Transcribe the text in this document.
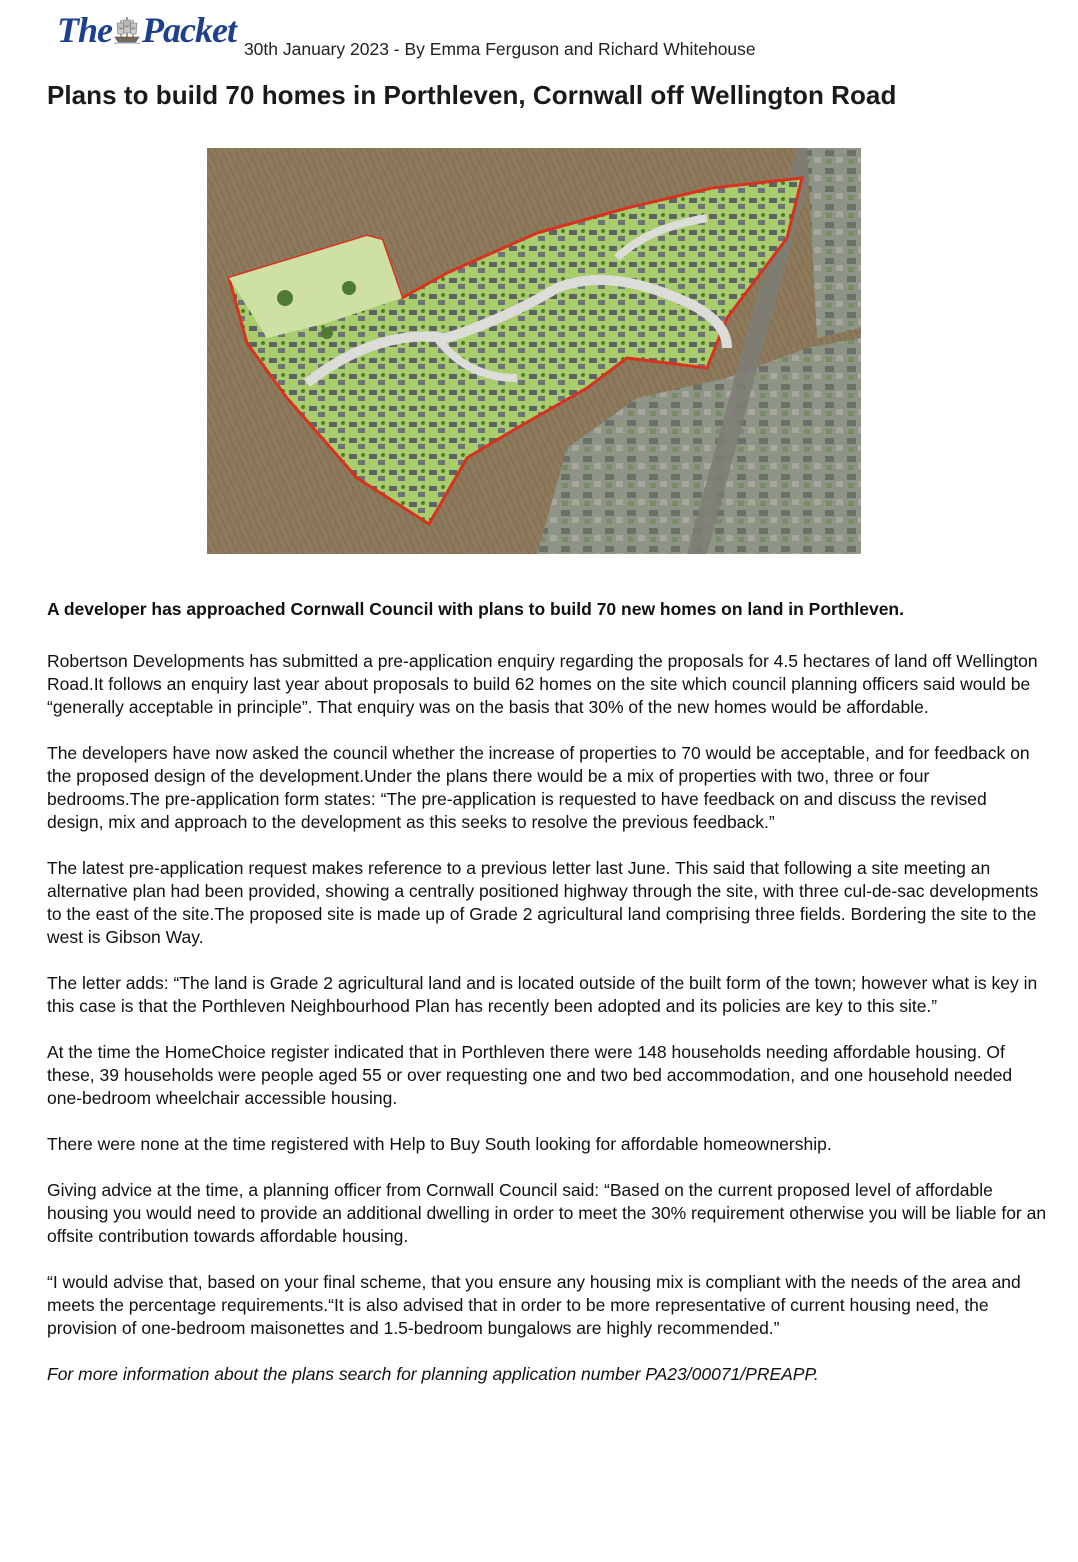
The Packet 30th January 2023 - By Emma Ferguson and Richard Whitehouse
Plans to build 70 homes in Porthleven, Cornwall off Wellington Road

A developer has approached Cornwall Council with plans to build 70 new homes on land in Porthleven.

Robertson Developments has submitted a pre-application enquiry regarding the proposals for 4.5 hectares of land off Wellington Road.It follows an enquiry last year about proposals to build 62 homes on the site which council planning officers said would be “generally acceptable in principle”. That enquiry was on the basis that 30% of the new homes would be affordable.

The developers have now asked the council whether the increase of properties to 70 would be acceptable, and for feedback on the proposed design of the development.Under the plans there would be a mix of properties with two, three or four bedrooms.The pre-application form states: “The pre-application is requested to have feedback on and discuss the revised design, mix and approach to the development as this seeks to resolve the previous feedback.”

The latest pre-application request makes reference to a previous letter last June. This said that following a site meeting an alternative plan had been provided, showing a centrally positioned highway through the site, with three cul-de-sac developments to the east of the site.The proposed site is made up of Grade 2 agricultural land comprising three fields. Bordering the site to the west is Gibson Way.

The letter adds: “The land is Grade 2 agricultural land and is located outside of the built form of the town; however what is key in this case is that the Porthleven Neighbourhood Plan has recently been adopted and its policies are key to this site.”

At the time the HomeChoice register indicated that in Porthleven there were 148 households needing affordable housing. Of these, 39 households were people aged 55 or over requesting one and two bed accommodation, and one household needed one-bedroom wheelchair accessible housing.

There were none at the time registered with Help to Buy South looking for affordable homeownership.

Giving advice at the time, a planning officer from Cornwall Council said: “Based on the current proposed level of affordable housing you would need to provide an additional dwelling in order to meet the 30% requirement otherwise you will be liable for an offsite contribution towards affordable housing.

“I would advise that, based on your final scheme, that you ensure any housing mix is compliant with the needs of the area and meets the percentage requirements.“It is also advised that in order to be more representative of current housing need, the provision of one-bedroom maisonettes and 1.5-bedroom bungalows are highly recommended.”

For more information about the plans search for planning application number PA23/00071/PREAPP.
